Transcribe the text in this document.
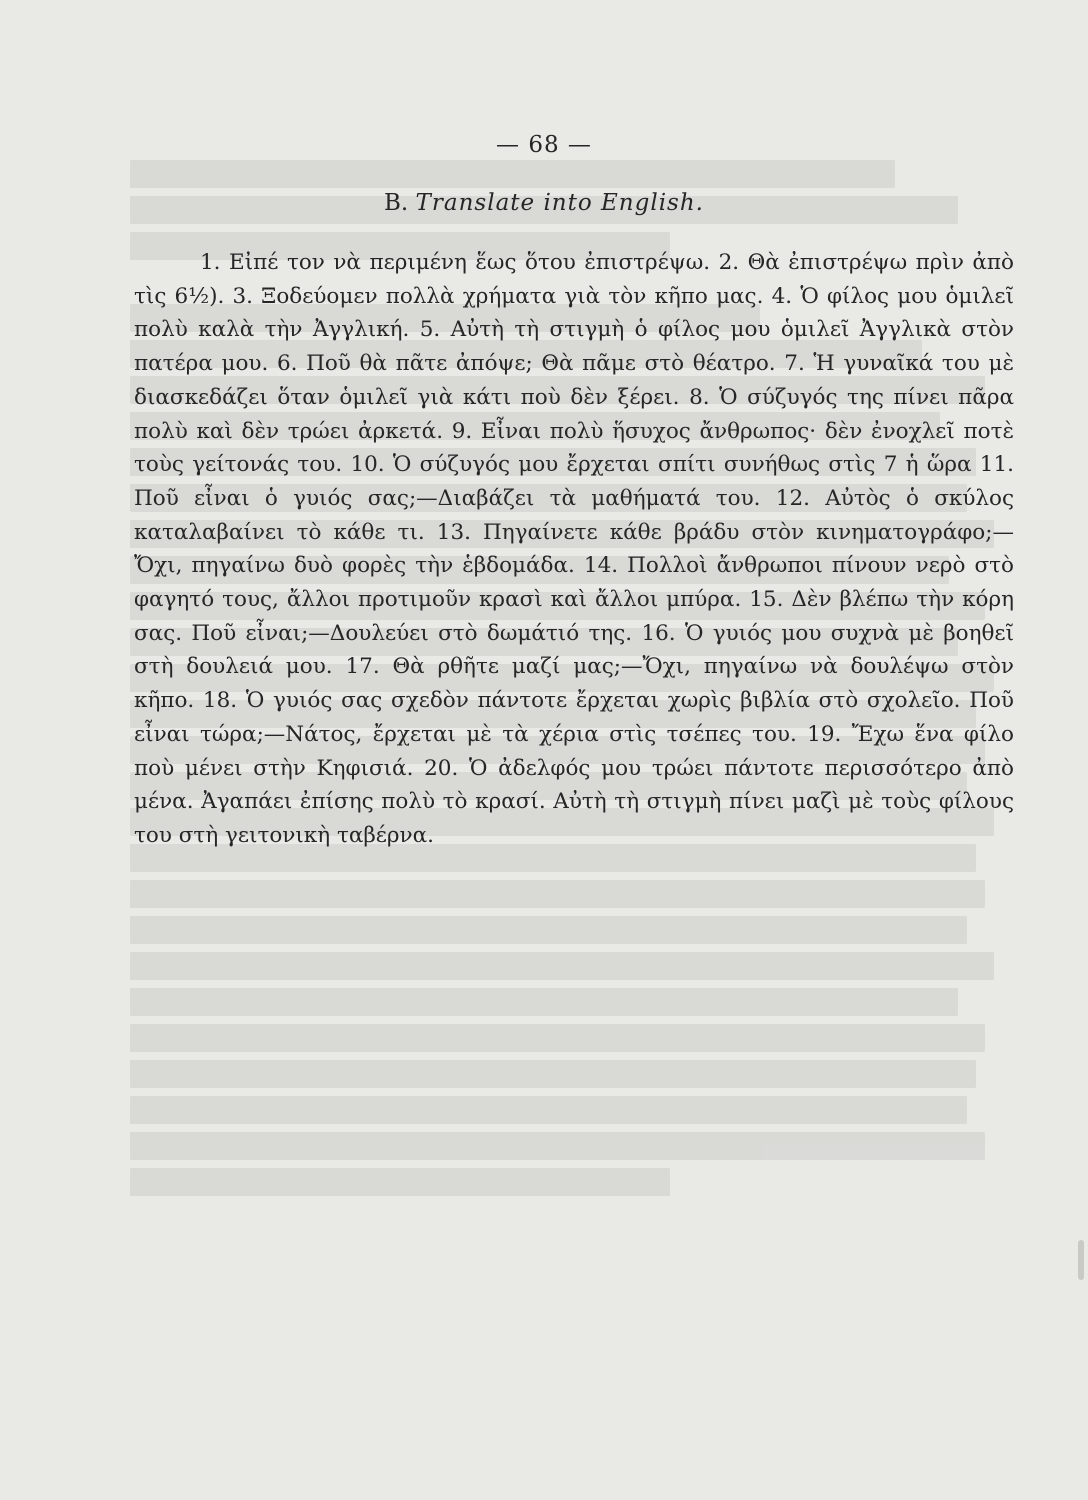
— 68 —
B. Translate into English.

1. Εἰπέ τον νὰ περιμένη ἕως ὅτου ἐπιστρέψω. 2. Θὰ ἐπιστρέψω πρὶν ἀπὸ τὶς 6½). 3. Ξοδεύομεν πολλὰ χρήματα γιὰ τὸν κῆπο μας. 4. Ὁ φίλος μου ὁμιλεῖ πολὺ καλὰ τὴν Ἀγγλική. 5. Αὐτὴ τὴ στιγμὴ ὁ φίλος μου ὁμιλεῖ Ἀγγλικὰ στὸν πατέρα μου. 6. Ποῦ θὰ πᾶτε ἀπόψε; Θὰ πᾶμε στὸ θέατρο. 7. Ἡ γυναῖκά του μὲ διασκεδάζει ὅταν ὁμιλεῖ γιὰ κάτι ποὺ δὲν ξέρει. 8. Ὁ σύζυγός της πίνει πᾶρα πολὺ καὶ δὲν τρώει ἀρκετά. 9. Εἶναι πολὺ ἥσυχος ἄνθρωπος· δὲν ἐνοχλεῖ ποτὲ τοὺς γείτονάς του. 10. Ὁ σύζυγός μου ἔρχεται σπίτι συνήθως στὶς 7 ἡ ὥρα 11. Ποῦ εἶναι ὁ γυιός σας;—Διαβάζει τὰ μαθήματά του. 12. Αὐτὸς ὁ σκύλος καταλαβαίνει τὸ κάθε τι. 13. Πηγαίνετε κάθε βράδυ στὸν κινηματογράφο;—Ὄχι, πηγαίνω δυὸ φορὲς τὴν ἑβδομάδα. 14. Πολλοὶ ἄνθρωποι πίνουν νερὸ στὸ φαγητό τους, ἄλλοι προτιμοῦν κρασὶ καὶ ἄλλοι μπύρα. 15. Δὲν βλέπω τὴν κόρη σας. Ποῦ εἶναι;—Δουλεύει στὸ δωμάτιό της. 16. Ὁ γυιός μου συχνὰ μὲ βοηθεῖ στὴ δουλειά μου. 17. Θὰ ρθῆτε μαζί μας;—Ὄχι, πηγαίνω νὰ δουλέψω στὸν κῆπο. 18. Ὁ γυιός σας σχεδὸν πάντοτε ἔρχεται χωρὶς βιβλία στὸ σχολεῖο. Ποῦ εἶναι τώρα;—Νάτος, ἔρχεται μὲ τὰ χέρια στὶς τσέπες του. 19. Ἔχω ἕνα φίλο ποὺ μένει στὴν Κηφισιά. 20. Ὁ ἀδελφός μου τρώει πάντοτε περισσότερο ἀπὸ μένα. Ἀγαπάει ἐπίσης πολὺ τὸ κρασί. Αὐτὴ τὴ στιγμὴ πίνει μαζὶ μὲ τοὺς φίλους του στὴ γειτονικὴ ταβέρνα.
